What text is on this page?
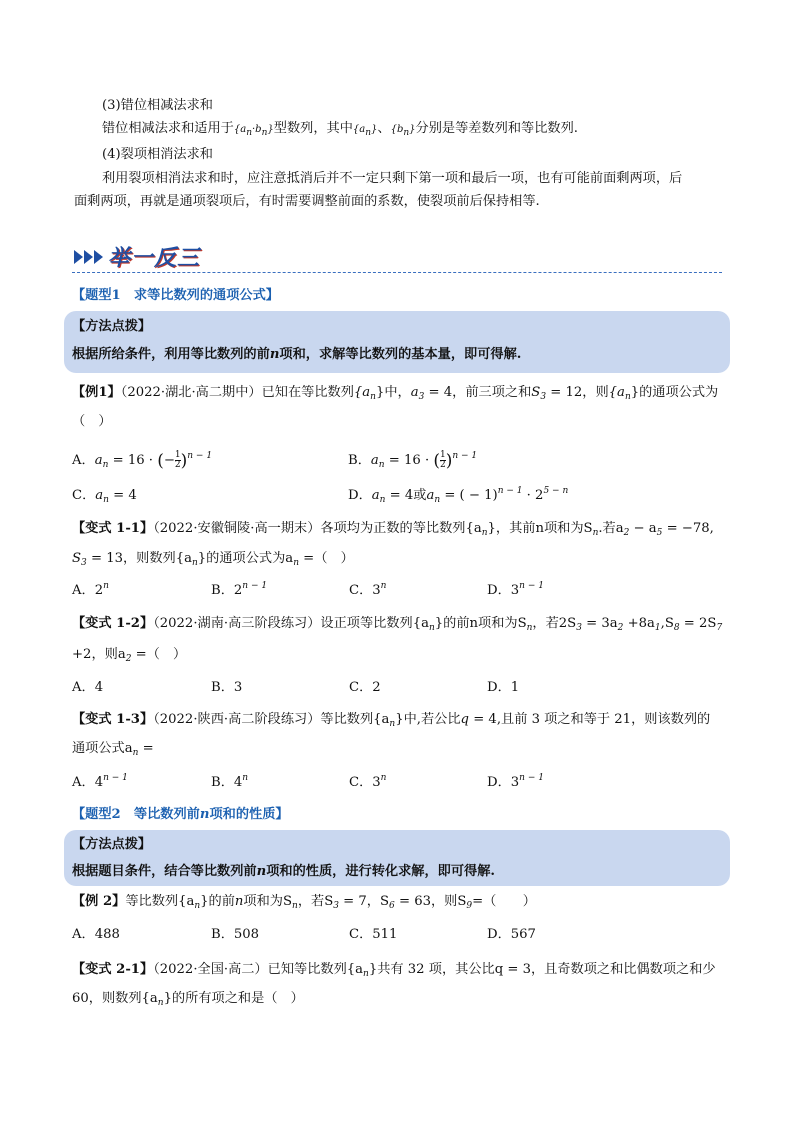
(3)错位相减法求和
错位相减法求和适用于$\{a_n\cdot b_n\}$型数列，其中$\{a_n\}$、$\{b_n\}$分别是等差数列和等比数列.
(4)裂项相消法求和
利用裂项相消法求和时，应注意抵消后并不一定只剩下第一项和最后一项，也有可能前面剩两项，后
面剩两项，再就是通项裂项后，有时需要调整前面的系数，使裂项前后保持相等.
举一反三
【题型1　求等比数列的通项公式】
【方法点拨】
根据所给条件，利用等比数列的前n项和，求解等比数列的基本量，即可得解.
【例1】（2022·湖北·高二期中）已知在等比数列$\{a_n\}$中，$a_3 = 4$，前三项之和$S_3 = 12$，则$\{a_n\}$的通项公式为
（　）
A．$a_n = 16$ · (− $\frac{1}{2} )^{n - 1}$	B．$a_n = 16$ · ( $\frac{1}{2} )^{n - 1}$
C．$a_n = 4$	D．$a_n = 4$或$a_n$ = ( − $1)^{n - 1} \cdot 2^{5 - n}$
【变式 1-1】（2022·安徽铜陵·高一期末）各项均为正数的等比数列$\{a_n\}$，其前n项和为$S_n$.若$a_2 - a_5 = -78$,
$S_3 = 13$，则数列$\{a_n\}$的通项公式为$a_n$ =（　）
A．2$^n$	B．$2^{n - 1}$	C．3$^n$	D．$3^{n - 1}$
【变式 1-2】（2022·湖南·高三阶段练习）设正项等比数列$\{a_n\}$的前n项和为$S_n$，若$2S_3 = 3a_2 +8a_1,S_8 = 2S_7$
+2，则$a_2$ =（　）
A．4	B．3	C．2	D．1
【变式 1-3】（2022·陕西·高二阶段练习）等比数列$\{a_n\}$中,若公比q = 4,且前 3 项之和等于 21，则该数列的
通项公式$a_n$ =
A．$4^{n - 1}$	B．4$^n$	C．3$^n$	D．$3^{n - 1}$
【题型2　等比数列前n项和的性质】
【方法点拨】
根据题目条件，结合等比数列前n项和的性质，进行转化求解，即可得解.
【例 2】等比数列$\{a_n\}$的前n项和为$S_n$，若$S_3 = 7$，$S_6 = 63$，则$S_9=$（　　）
A．488	B．508	C．511	D．567
【变式 2-1】（2022·全国·高二）已知等比数列$\{a_n\}$共有 32 项，其公比q = 3，且奇数项之和比偶数项之和少
60，则数列$\{a_n\}$的所有项之和是（　）
